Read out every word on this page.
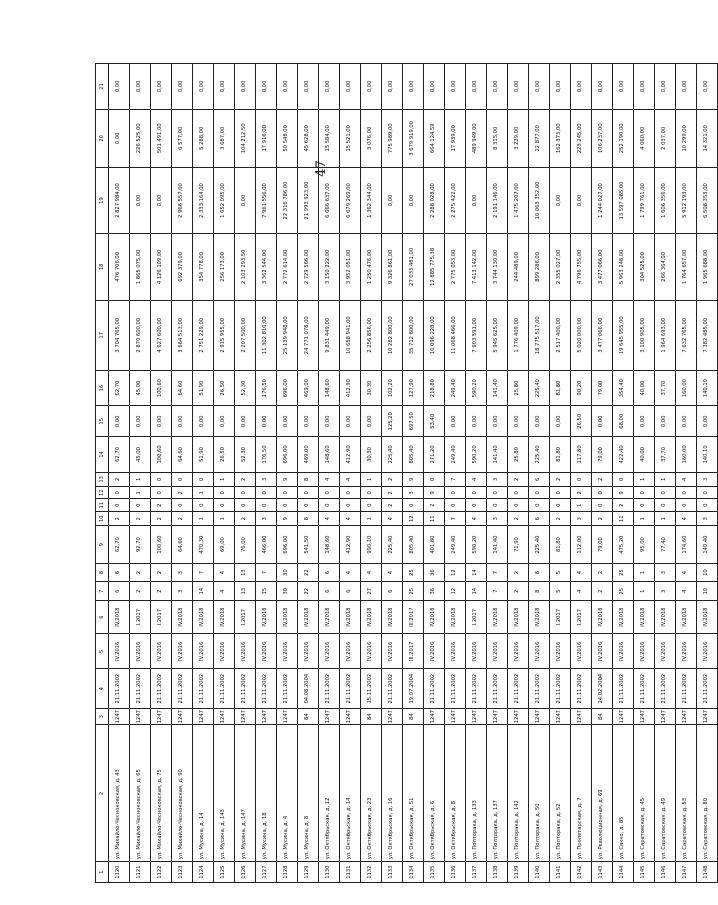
47
1	2	3	4	5	6	7	8	9	10	11	12	13	14	15	16	17	18	19	20	21
1120	ул. Михайло-Чесноковская, д. 43	1247	21.11.2002	IV.2016	IV.2018	6	6	62,70	2	0	0	2	62,70	0,00	62,70	3 704 765,00	476 706,00	2 827 984,00	0,00	0,00
1121	ул. Михайло-Чесноковская, д. 65	1247	21.11.2002	IV.2016	I.2017	2	2	92,70	2	0	1	1	45,00	0,00	45,00	2 870 600,00	1 865 075,00	0,00	226 525,00	0,00
1122	ул. Михайло-Чесноковская, д. 75	1247	21.11.2002	IV.2016	I.2017	2	2	100,60	2	2	0	0	100,60	0,00	100,60	4 627 600,00	4 126 109,00	0,00	501 491,00	0,00
1123	ул. Михайло-Чесноковская, д. 90	1247	21.11.2002	IV.2016	IV.2018	3	3	64,60	2	0	2	0	64,60	0,00	64,60	3 664 513,00	692 379,00	2 966 557,00	6 577,00	0,00
1124	ул. Мусина, д. 14	1247	21.11.2002	IV.2016	IV.2018	14	7	470,30	1	0	1	0	51,90	0,00	51,90	2 751 229,00	354 778,00	2 333 164,00	5 288,00	0,00
1125	ул. Мусина, д. 143	1247	21.11.2002	IV.2016	IV.2018	4	4	69,00	1	0	0	1	26,50	0,00	26,50	2 915 955,00	256 173,00	1 652 095,00	3 687,00	0,00
1126	ул. Мусина, д. 147	1247	21.11.2002	IV.2016	I.2017	13	13	76,00	2	0	0	2	52,30	0,00	52,30	2 207 500,00	2 103 293,50	0,00	104 212,50	0,00
1127	ул. Мусина, д. 18	1247	21.11.2002	IV.2016	IV.2018	15	7	466,00	3	0	0	3	176,50	0,00	176,50	11 302 816,00	3 362 544,00	7 961 556,00	17 916,00	0,00
1128	ул. Мусина, д. 4	1247	21.11.2002	IV.2016	IV.2018	30	30	696,00	9	0	0	9	696,00	0,00	696,00	25 139 948,00	2 772 614,00	22 316 786,00	50 548,00	0,00
1129	ул. Мусина, д. 8	84	04.08.2004	IV.2016	IV.2018	22	22	541,50	8	0	0	8	469,00	0,00	469,00	24 771 078,00	2 729 566,00	21 993 923,00	45 628,00	0,00
1130	ул. Октябрьская, д. 12	1247	21.11.2002	IV.2016	IV.2018	6	6	148,60	4	0	0	4	148,60	0,00	148,60	9 831 449,00	3 150 222,00	6 666 637,00	15 584,00	0,00
1131	ул. Октябрьская, д. 14	1247	21.11.2002	IV.2016	IV.2018	6	4	412,90	4	0	0	4	412,90	0,00	412,90	10 658 941,00	3 952 051,00	6 679 269,00	15 521,00	0,00
1132	ул. Октябрьская, д. 23	84	15.11.2002	IV.2016	IV.2018	27	4	990,10	1	0	0	1	30,30	0,00	30,30	2 256 856,00	1 250 476,00	1 362 344,00	3 076,00	0,00
1133	ул. Октябрьская, д. 16	1247	21.11.2002	IV.2016	IV.2018	6	4	225,40	4	2	2	2	225,40	125,20	102,20	10 282 800,00	9 326 861,00	0,00	775 989,00	0,00
1134	ул. Октябрьская, д. 51	84	19.07.2004	III.2017	III.2017	25	25	805,40	12	0	3	9	805,40	697,50	127,90	35 712 600,00	27 033 481,00	0,00	3 679 919,00	0,00
1135	ул. Октябрьская, д. 6	1247	21.11.2002	IV.2016	IV.2018	36	36	401,80	11	2	9	0	271,20	53,40	218,80	16 096 228,00	12 885 775,38	2 288 028,00	664 124,59	0,00
1136	ул. Октябрьская, д. 8	1247	21.11.2002	IV.2016	IV.2018	12	12	249,40	7	0	0	7	249,40	0,00	249,40	11 068 466,00	2 775 053,00	2 275 422,00	17 939,00	0,00
1137	ул. Полторака, д. 133	1247	21.11.2002	IV.2016	I.2017	14	14	590,20	4	0	0	4	590,20	0,00	590,20	7 903 591,00	7 413 142,00	0,00	489 949,00	0,00
1138	ул. Полторака, д. 137	1247	21.11.2002	IV.2016	IV.2018	7	7	141,40	3	0	0	3	141,40	0,00	141,40	5 945 625,00	3 744 130,00	2 191 146,00	8 315,00	0,00
1139	ул. Полторака, д. 142	1247	21.11.2002	IV.2016	IV.2018	2	2	71,90	2	0	0	2	25,80	0,00	25,80	1 776 409,00	244 489,00	1 475 207,00	3 229,00	0,00
1140	ул. Полторака, д. 50	1247	21.11.2002	IV.2016	IV.2018	8	8	225,40	6	0	0	6	225,40	0,00	225,40	18 775 517,00	899 286,00	10 063 352,00	22 877,00	0,00
1141	ул. Полторака, д. 52	1247	21.11.2002	IV.2016	I.2017	5	5	81,80	2	0	0	2	81,80	0,00	81,80	2 517 400,00	2 355 027,00	0,00	162 373,00	0,00
1142	ул. Пролетарская, д. 7	1247	21.11.2002	IV.2016	I.2017	4	4	112,00	3	1	2	0	117,80	26,50	90,20	5 020 000,00	4 796 755,00	0,00	223 245,00	0,00
1143	ул. Революционная, д. 69	84	24.02.2004	IV.2016	IV.2018	2	2	79,00	2	0	0	2	79,00	0,00	79,00	3 477 066,00	3 477 066,00	1 244 027,00	106 237,00	0,00
1144	ул. Сакко, д. 85	1247	21.11.2002	IV.2016	IV.2018	25	25	475,20	11	2	9	0	422,40	68,00	354,40	19 645 955,00	5 963 248,00	13 597 085,00	252 190,00	0,00
1145	ул. Саратовская, д. 45	1247	21.11.2002	IV.2016	IV.2018	1	1	95,00	1	0	0	1	40,00	0,00	40,00	3 100 905,00	304 525,00	1 799 761,00	4 060,00	0,00
1146	ул. Саратовская, д. 49	1247	21.11.2002	IV.2016	IV.2018	3	3	77,40	1	0	0	1	37,70	0,00	37,70	1 964 693,00	266 364,00	1 606 356,00	2 037,00	0,00
1147	ул. Саратовская, д. 53	1247	21.11.2002	IV.2016	IV.2018	4	4	174,60	4	0	0	4	160,00	0,00	160,00	7 632 765,00	1 764 657,00	5 912 193,00	10 299,00	0,00
1148	ул. Саратовская, д. 80	1247	21.11.2002	IV.2016	IV.2018	10	10	140,40	3	0	0	3	140,10	0,00	140,10	7 382 485,00	1 965 688,00	6 508 353,00	14 321,00	0,00
